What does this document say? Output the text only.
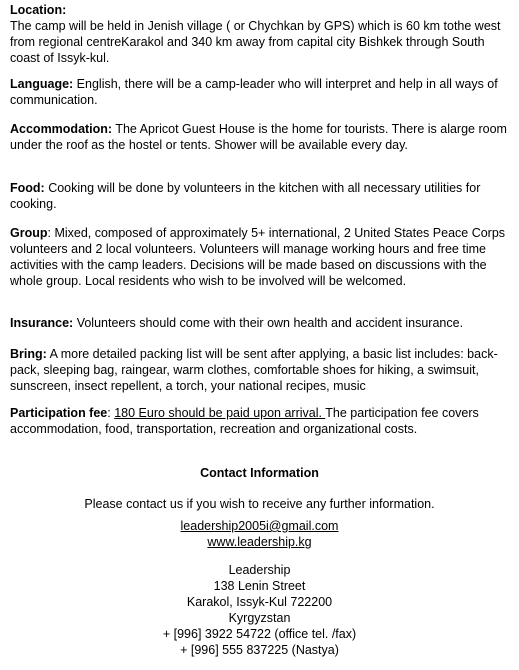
Location:
The camp will be held in Jenish village ( or Chychkan by GPS) which is 60 km tothe west from regional centreKarakol and 340 km away from capital city Bishkek through South coast of Issyk-kul.

Language: English, there will be a camp-leader who will interpret and help in all ways of communication.

Accommodation: The Apricot Guest House is the home for tourists. There is alarge room under the roof as the hostel or tents. Shower will be available every day.

Food: Cooking will be done by volunteers in the kitchen with all necessary utilities for cooking.

Group: Mixed, composed of approximately 5+ international, 2 United States Peace Corps volunteers and 2 local volunteers. Volunteers will manage working hours and free time activities with the camp leaders. Decisions will be made based on discussions with the whole group. Local residents who wish to be involved will be welcomed.

Insurance: Volunteers should come with their own health and accident insurance.

Bring: A more detailed packing list will be sent after applying, a basic list includes: back-pack, sleeping bag, raingear, warm clothes, comfortable shoes for hiking, a swimsuit, sunscreen, insect repellent, a torch, your national recipes, music

Participation fee: 180 Euro should be paid upon arrival. The participation fee covers accommodation, food, transportation, recreation and organizational costs.

Contact Information
Please contact us if you wish to receive any further information.
leadership2005i@gmail.com
www.leadership.kg
Leadership
138 Lenin Street
Karakol, Issyk-Kul 722200
Kyrgyzstan
+ [996] 3922 54722 (office tel. /fax)
+ [996] 555 837225 (Nastya)
